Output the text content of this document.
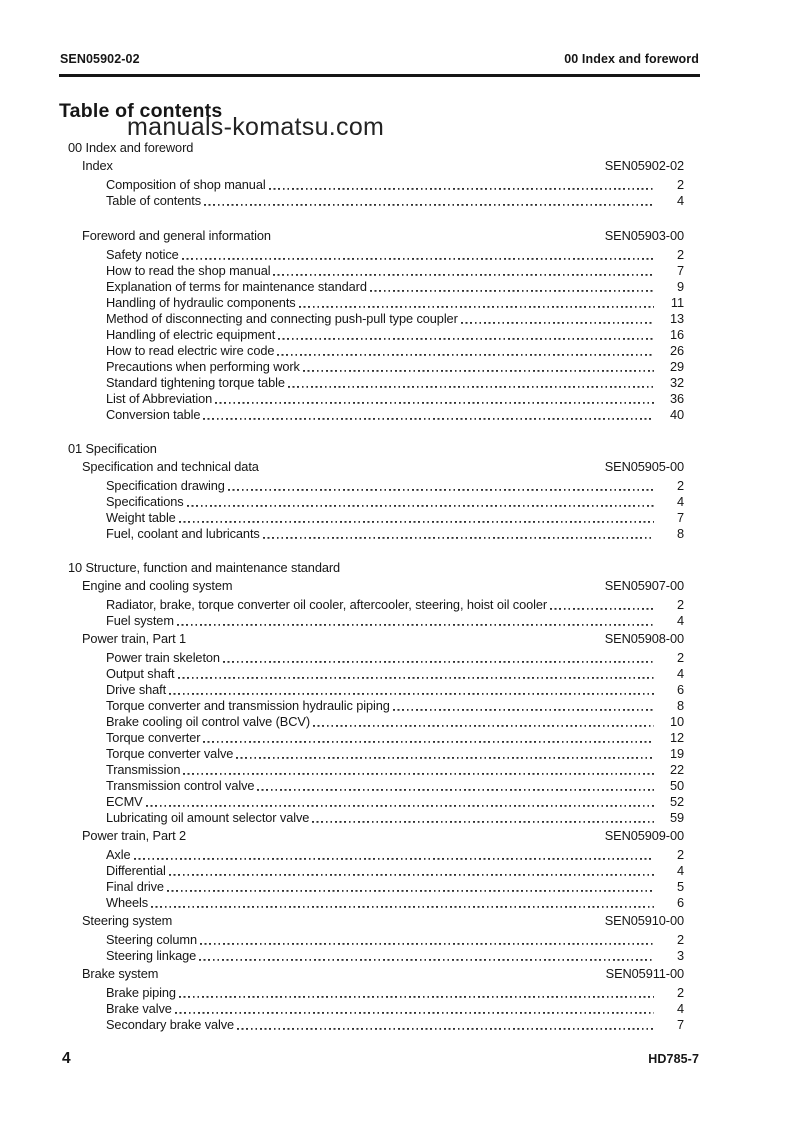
SEN05902-02	00 Index and foreword
Table of contents
manuals-komatsu.com
00 Index and foreword
Index	SEN05902-02
Composition of shop manual	2
Table of contents	4
Foreword and general information	SEN05903-00
Safety notice	2
How to read the shop manual	7
Explanation of terms for maintenance standard	9
Handling of hydraulic components	11
Method of disconnecting and connecting push-pull type coupler	13
Handling of electric equipment	16
How to read electric wire code	26
Precautions when performing work	29
Standard tightening torque table	32
List of Abbreviation	36
Conversion table	40
01 Specification
Specification and technical data	SEN05905-00
Specification drawing	2
Specifications	4
Weight table	7
Fuel, coolant and lubricants	8
10 Structure, function and maintenance standard
Engine and cooling system	SEN05907-00
Radiator, brake, torque converter oil cooler, aftercooler, steering, hoist oil cooler	2
Fuel system	4
Power train, Part 1	SEN05908-00
Power train skeleton	2
Output shaft	4
Drive shaft	6
Torque converter and transmission hydraulic piping	8
Brake cooling oil control valve (BCV)	10
Torque converter	12
Torque converter valve	19
Transmission	22
Transmission control valve	50
ECMV	52
Lubricating oil amount selector valve	59
Power train, Part 2	SEN05909-00
Axle	2
Differential	4
Final drive	5
Wheels	6
Steering system	SEN05910-00
Steering column	2
Steering linkage	3
Brake system	SEN05911-00
Brake piping	2
Brake valve	4
Secondary brake valve	7
4	HD785-7
